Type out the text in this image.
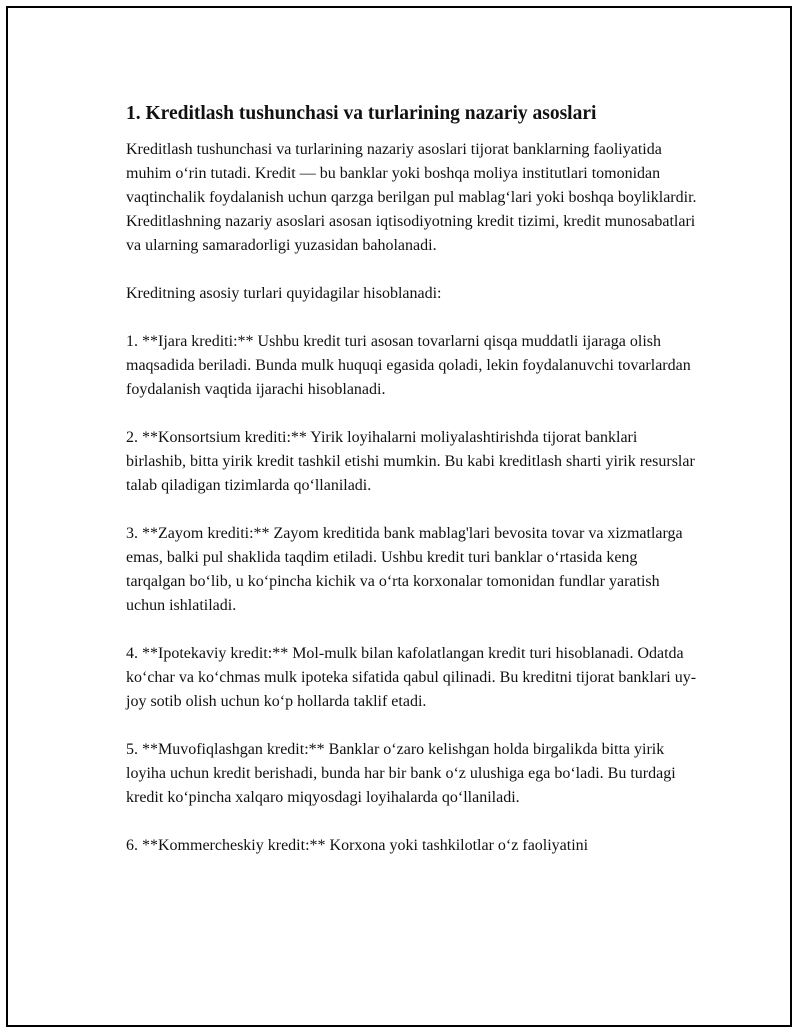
1. Kreditlash tushunchasi va turlarining nazariy asoslari

Kreditlash tushunchasi va turlarining nazariy asoslari tijorat banklarning faoliyatida muhim o‘rin tutadi. Kredit — bu banklar yoki boshqa moliya institutlari tomonidan vaqtinchalik foydalanish uchun qarzga berilgan pul mablag‘lari yoki boshqa boyliklardir. Kreditlashning nazariy asoslari asosan iqtisodiyotning kredit tizimi, kredit munosabatlari va ularning samaradorligi yuzasidan baholanadi.

Kreditning asosiy turlari quyidagilar hisoblanadi:

1. **Ijara krediti:** Ushbu kredit turi asosan tovarlarni qisqa muddatli ijaraga olish maqsadida beriladi. Bunda mulk huquqi egasida qoladi, lekin foydalanuvchi tovarlardan foydalanish vaqtida ijarachi hisoblanadi.

2. **Konsortsium krediti:** Yirik loyihalarni moliyalashtirishda tijorat banklari birlashib, bitta yirik kredit tashkil etishi mumkin. Bu kabi kreditlash sharti yirik resurslar talab qiladigan tizimlarda qo‘llaniladi.

3. **Zayom krediti:** Zayom kreditida bank mablag'lari bevosita tovar va xizmatlarga emas, balki pul shaklida taqdim etiladi. Ushbu kredit turi banklar o‘rtasida keng tarqalgan bo‘lib, u ko‘pincha kichik va o‘rta korxonalar tomonidan fundlar yaratish uchun ishlatiladi.

4. **Ipotekaviy kredit:** Mol-mulk bilan kafolatlangan kredit turi hisoblanadi. Odatda ko‘char va ko‘chmas mulk ipoteka sifatida qabul qilinadi. Bu kreditni tijorat banklari uy-joy sotib olish uchun ko‘p hollarda taklif etadi.

5. **Muvofiqlashgan kredit:** Banklar o‘zaro kelishgan holda birgalikda bitta yirik loyiha uchun kredit berishadi, bunda har bir bank o‘z ulushiga ega bo‘ladi. Bu turdagi kredit ko‘pincha xalqaro miqyosdagi loyihalarda qo‘llaniladi.

6. **Kommercheskiy kredit:** Korxona yoki tashkilotlar o‘z faoliyatini
